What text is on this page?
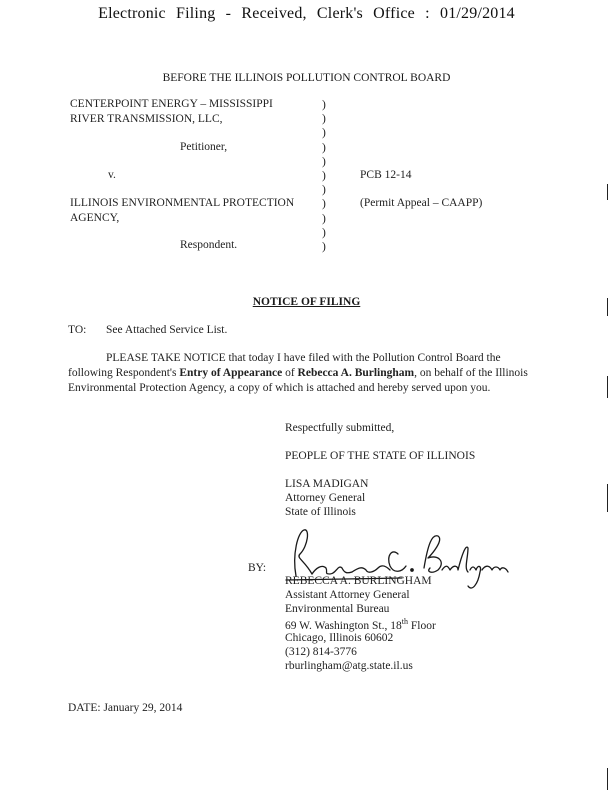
Electronic Filing - Received, Clerk's Office : 01/29/2014
BEFORE THE ILLINOIS POLLUTION CONTROL BOARD
CENTERPOINT ENERGY – MISSISSIPPI
RIVER TRANSMISSION, LLC,
Petitioner,
v.	PCB 12-14
ILLINOIS ENVIRONMENTAL PROTECTION	(Permit Appeal – CAAPP)
AGENCY,
Respondent.
)
)
)
)
)
)
)
)
)
)
)
NOTICE OF FILING
TO: See Attached Service List.
PLEASE TAKE NOTICE that today I have filed with the Pollution Control Board the following Respondent's Entry of Appearance of Rebecca A. Burlingham, on behalf of the Illinois Environmental Protection Agency, a copy of which is attached and hereby served upon you.
Respectfully submitted,
PEOPLE OF THE STATE OF ILLINOIS
LISA MADIGAN
Attorney General
State of Illinois
BY:
REBECCA A. BURLINGHAM
Assistant Attorney General
Environmental Bureau
69 W. Washington St., 18th Floor
Chicago, Illinois 60602
(312) 814-3776
rburlingham@atg.state.il.us
DATE: January 29, 2014
